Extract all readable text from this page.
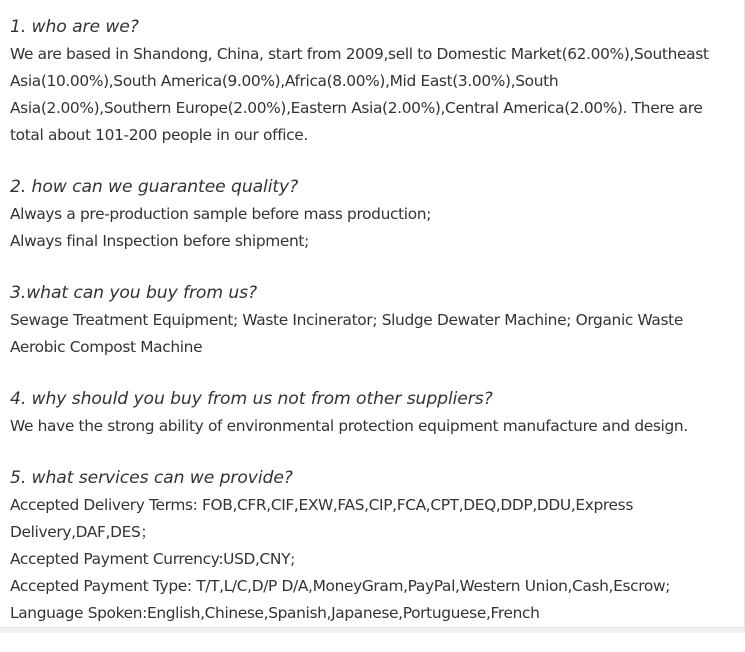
1. who are we?
We are based in Shandong, China, start from 2009,sell to Domestic Market(62.00%),Southeast
Asia(10.00%),South America(9.00%),Africa(8.00%),Mid East(3.00%),South
Asia(2.00%),Southern Europe(2.00%),Eastern Asia(2.00%),Central America(2.00%). There are
total about 101-200 people in our office.
2. how can we guarantee quality?
Always a pre-production sample before mass production;
Always final Inspection before shipment;
3.what can you buy from us?
Sewage Treatment Equipment; Waste Incinerator; Sludge Dewater Machine; Organic Waste
Aerobic Compost Machine
4. why should you buy from us not from other suppliers?
We have the strong ability of environmental protection equipment manufacture and design.
5. what services can we provide?
Accepted Delivery Terms: FOB,CFR,CIF,EXW,FAS,CIP,FCA,CPT,DEQ,DDP,DDU,Express
Delivery,DAF,DES；
Accepted Payment Currency:USD,CNY;
Accepted Payment Type: T/T,L/C,D/P D/A,MoneyGram,PayPal,Western Union,Cash,Escrow;
Language Spoken:English,Chinese,Spanish,Japanese,Portuguese,French
